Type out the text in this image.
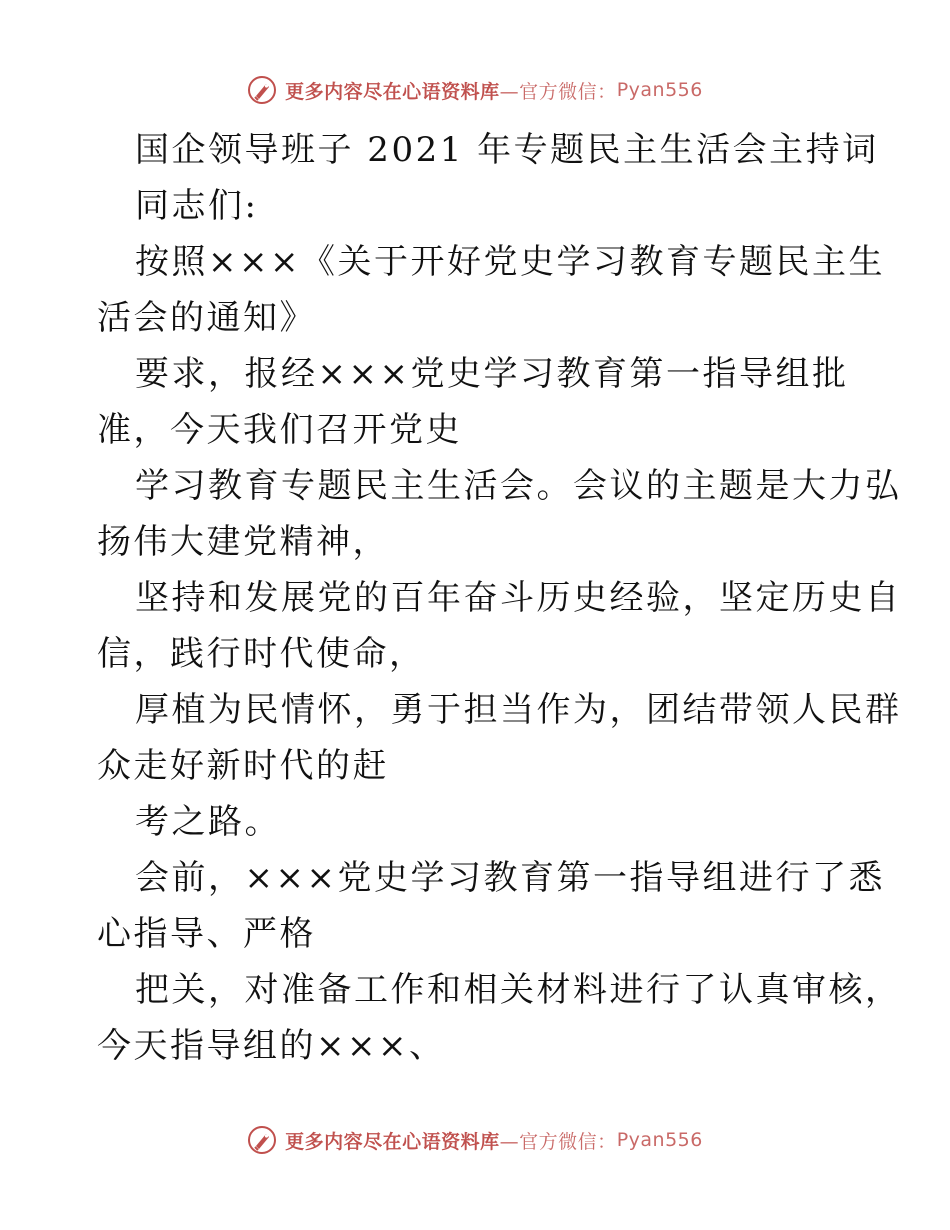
更多内容尽在心语资料库 —官方微信： Pyan556
国企领导班子 2021 年专题民主生活会主持词
同志们:
按照×××《关于开好党史学习教育专题民主生
活会的通知》
要求，报经×××党史学习教育第一指导组批
准，今天我们召开党史
学习教育专题民主生活会。会议的主题是大力弘
扬伟大建党精神，
坚持和发展党的百年奋斗历史经验，坚定历史自
信，践行时代使命，
厚植为民情怀，勇于担当作为，团结带领人民群
众走好新时代的赶
考之路。
会前，×××党史学习教育第一指导组进行了悉
心指导、严格
把关，对准备工作和相关材料进行了认真审核，
今天指导组的×××、
更多内容尽在心语资料库 —官方微信： Pyan556
